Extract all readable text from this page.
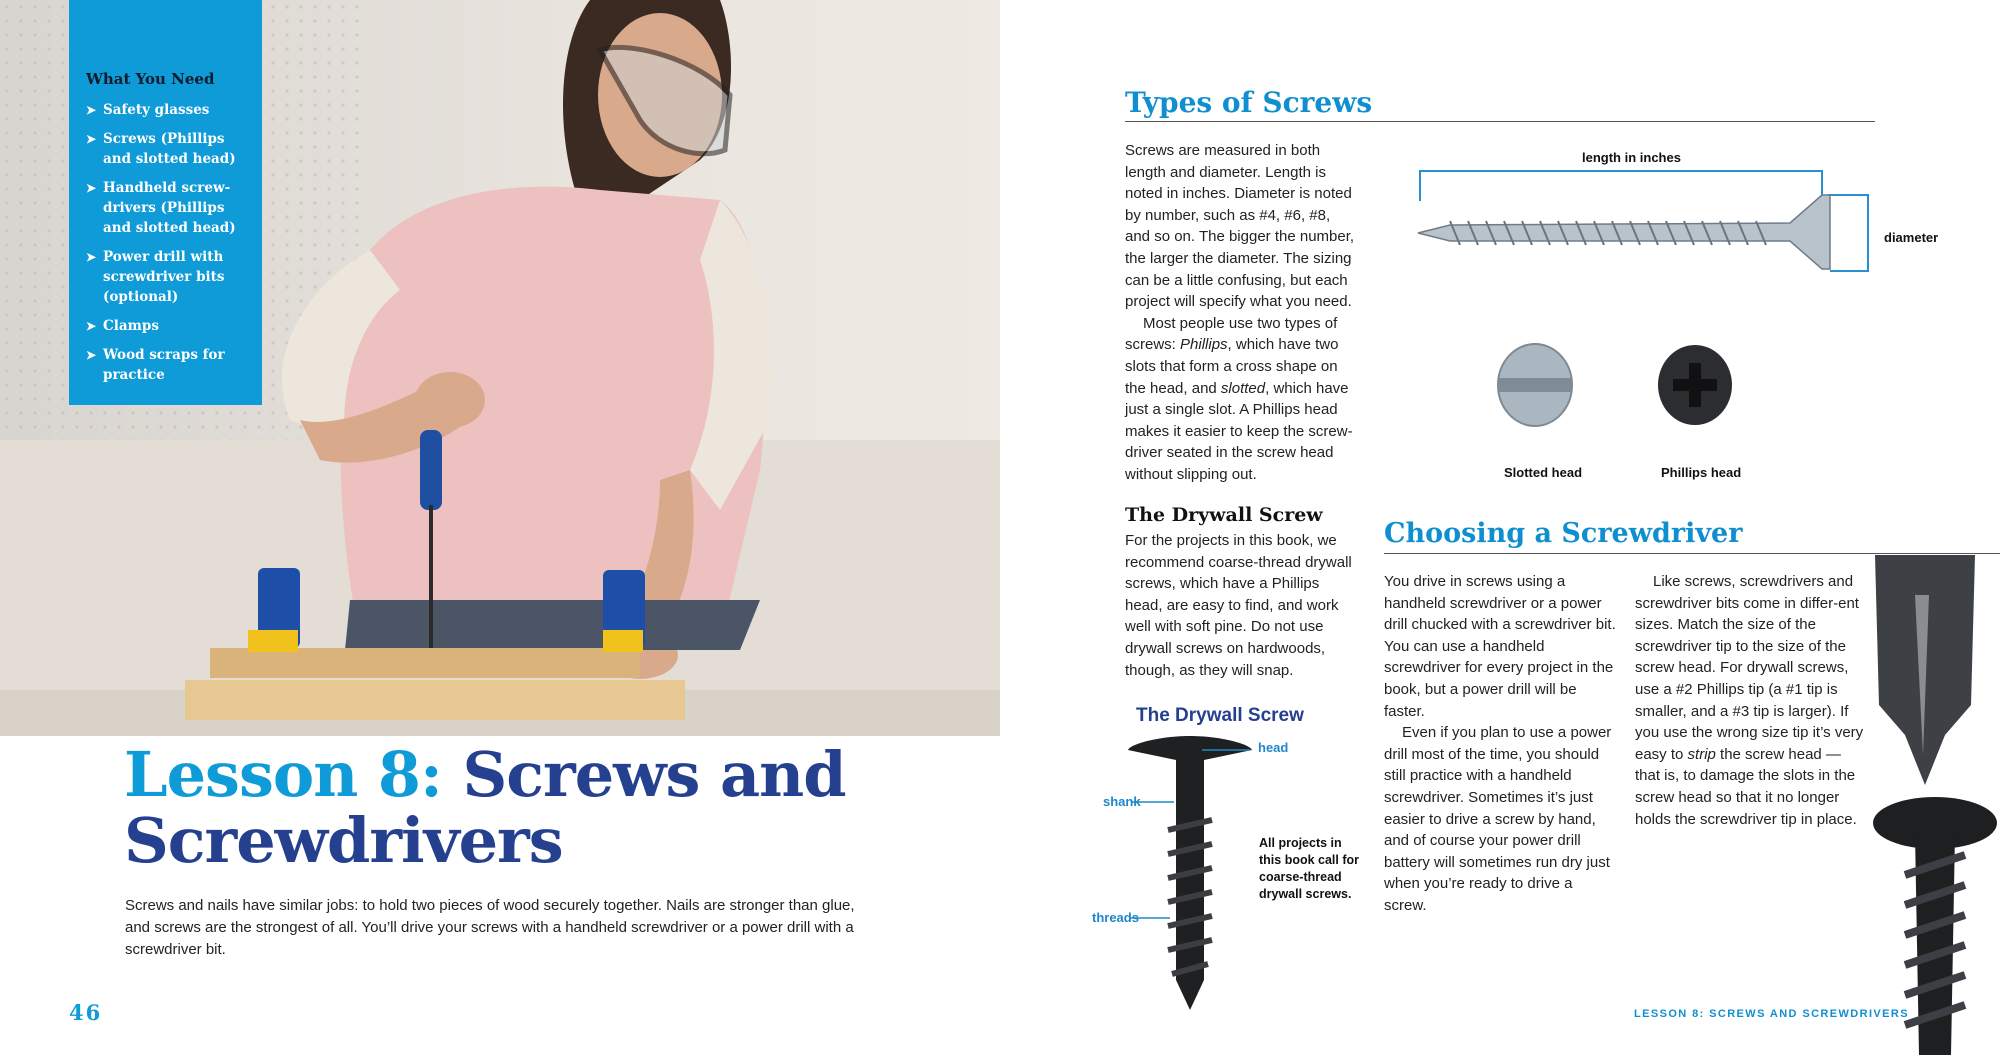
What You Need
➤ Safety glasses
➤ Screws (Phillips and slotted head)
➤ Handheld screw-drivers (Phillips and slotted head)
➤ Power drill with screwdriver bits (optional)
➤ Clamps
➤ Wood scraps for practice
Lesson 8: Screws and Screwdrivers

Screws and nails have similar jobs: to hold two pieces of wood securely together. Nails are stronger than glue, and screws are the strongest of all. You’ll drive your screws with a handheld screwdriver or a power drill with a screwdriver bit.

46
Types of Screws

Screws are measured in both length and diameter. Length is noted in inches. Diameter is noted by number, such as #4, #6, #8, and so on. The bigger the number, the larger the diameter. The sizing can be a little confusing, but each project will specify what you need.

Most people use two types of screws: Phillips, which have two slots that form a cross shape on the head, and slotted, which have just a single slot. A Phillips head makes it easier to keep the screw-driver seated in the screw head without slipping out.

length in inches
diameter
Slotted head	Phillips head
The Drywall Screw

For the projects in this book, we recommend coarse-thread drywall screws, which have a Phillips head, are easy to find, and work well with soft pine. Do not use drywall screws on hardwoods, though, as they will snap.

Choosing a Screwdriver

You drive in screws using a handheld screwdriver or a power drill chucked with a screwdriver bit. You can use a handheld screwdriver for every project in the book, but a power drill will be faster.

Even if you plan to use a power drill most of the time, you should still practice with a handheld screwdriver. Sometimes it’s just easier to drive a screw by hand, and of course your power drill battery will sometimes run dry just when you’re ready to drive a screw.

Like screws, screwdrivers and screwdriver bits come in differ-ent sizes. Match the size of the screwdriver tip to the size of the screw head. For drywall screws, use a #2 Phillips tip (a #1 tip is smaller, and a #3 tip is larger). If you use the wrong size tip it’s very easy to strip the screw head — that is, to damage the slots in the screw head so that it no longer holds the screwdriver tip in place.

The Drywall Screw
head
shank
threads
All projects in this book call for coarse-thread drywall screws.
LESSON 8: SCREWS AND SCREWDRIVERS
